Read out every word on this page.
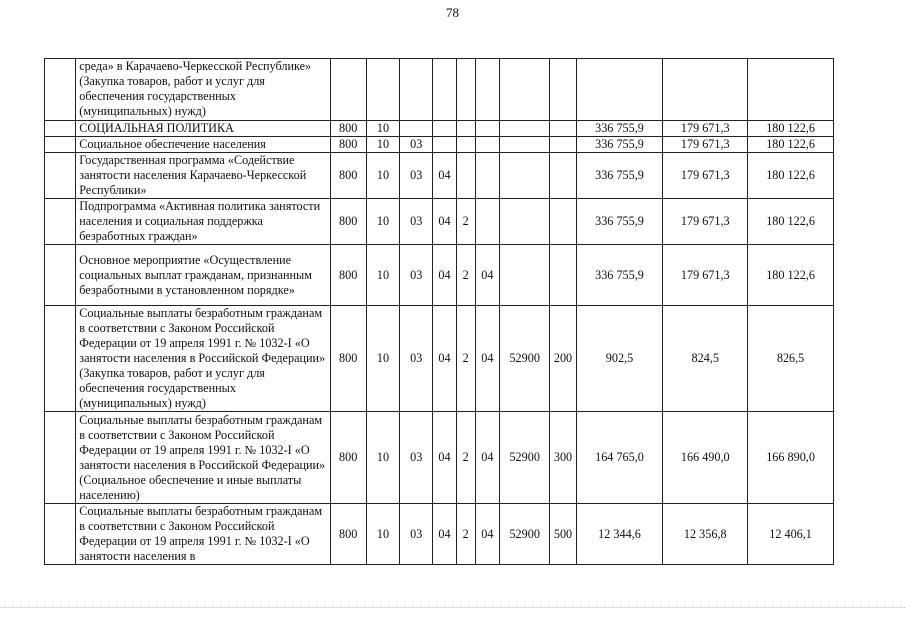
78
	среда» в Карачаево-Черкесской Республике» (Закупка товаров, работ и услуг для обеспечения государственных (муниципальных) нужд)											
	СОЦИАЛЬНАЯ ПОЛИТИКА	800	10							336 755,9	179 671,3	180 122,6
	Социальное обеспечение населения	800	10	03						336 755,9	179 671,3	180 122,6
	Государственная программа «Содействие занятости населения Карачаево-Черкесской Республики»	800	10	03	04					336 755,9	179 671,3	180 122,6
	Подпрограмма «Активная политика занятости населения и социальная поддержка безработных граждан»	800	10	03	04	2				336 755,9	179 671,3	180 122,6
	Основное мероприятие «Осуществление социальных выплат гражданам, признанным безработными в установленном порядке»	800	10	03	04	2	04			336 755,9	179 671,3	180 122,6
	Социальные выплаты безработным гражданам в соответствии с Законом Российской Федерации от 19 апреля 1991 г. № 1032-I «О занятости населения в Российской Федерации» (Закупка товаров, работ и услуг для обеспечения государственных (муниципальных) нужд)	800	10	03	04	2	04	52900	200	902,5	824,5	826,5
	Социальные выплаты безработным гражданам в соответствии с Законом Российской Федерации от 19 апреля 1991 г. № 1032-I «О занятости населения в Российской Федерации» (Социальное обеспечение и иные выплаты населению)	800	10	03	04	2	04	52900	300	164 765,0	166 490,0	166 890,0
	Социальные выплаты безработным гражданам в соответствии с Законом Российской Федерации от 19 апреля 1991 г. № 1032-I «О занятости населения в	800	10	03	04	2	04	52900	500	12 344,6	12 356,8	12 406,1
